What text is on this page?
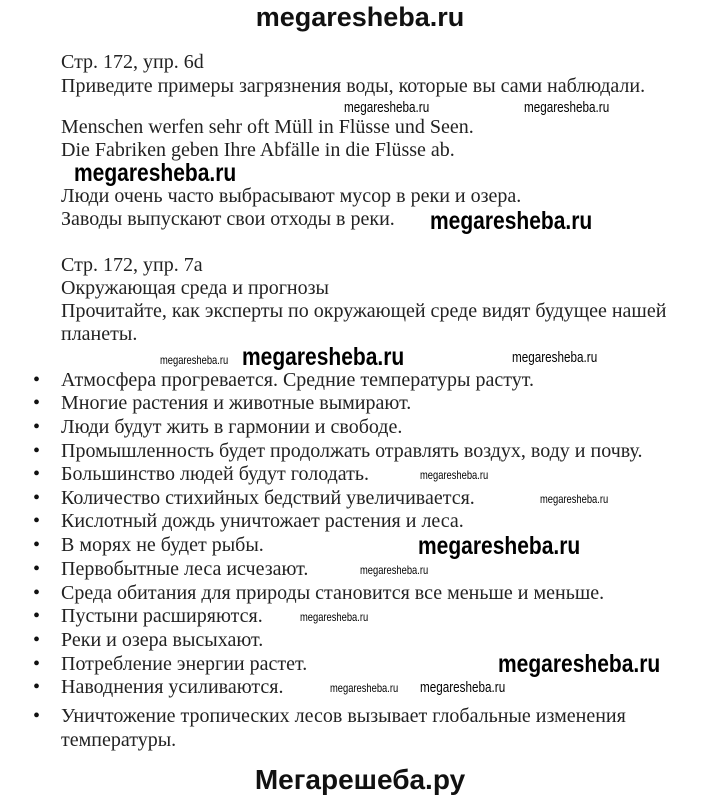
megaresheba.ru
Стр. 172, упр. 6d
Приведите примеры загрязнения воды, которые вы сами наблюдали.
Menschen werfen sehr oft Müll in Flüsse und Seen.
Die Fabriken geben Ihre Abfälle in die Flüsse ab.
Люди очень часто выбрасывают мусор в реки и озера.
Заводы выпускают свои отходы в реки.
Стр. 172, упр. 7a
Окружающая среда и прогнозы
Прочитайте, как эксперты по окружающей среде видят будущее нашей
планеты.
• Атмосфера прогревается. Средние температуры растут.
• Многие растения и животные вымирают.
• Люди будут жить в гармонии и свободе.
• Промышленность будет продолжать отравлять воздух, воду и почву.
• Большинство людей будут голодать.
• Количество стихийных бедствий увеличивается.
• Кислотный дождь уничтожает растения и леса.
• В морях не будет рыбы.
• Первобытные леса исчезают.
• Среда обитания для природы становится все меньше и меньше.
• Пустыни расширяются.
• Реки и озера высыхают.
• Потребление энергии растет.
• Наводнения усиливаются.
• Уничтожение тропических лесов вызывает глобальные изменения
температуры.
megaresheba.ru	megaresheba.ru
megaresheba.ru
megaresheba.ru
megaresheba.ru megaresheba.ru	megaresheba.ru
megaresheba.ru
megaresheba.ru
megaresheba.ru
megaresheba.ru
megaresheba.ru
megaresheba.ru
megaresheba.ru megaresheba.ru
Мегарешеба.ру
